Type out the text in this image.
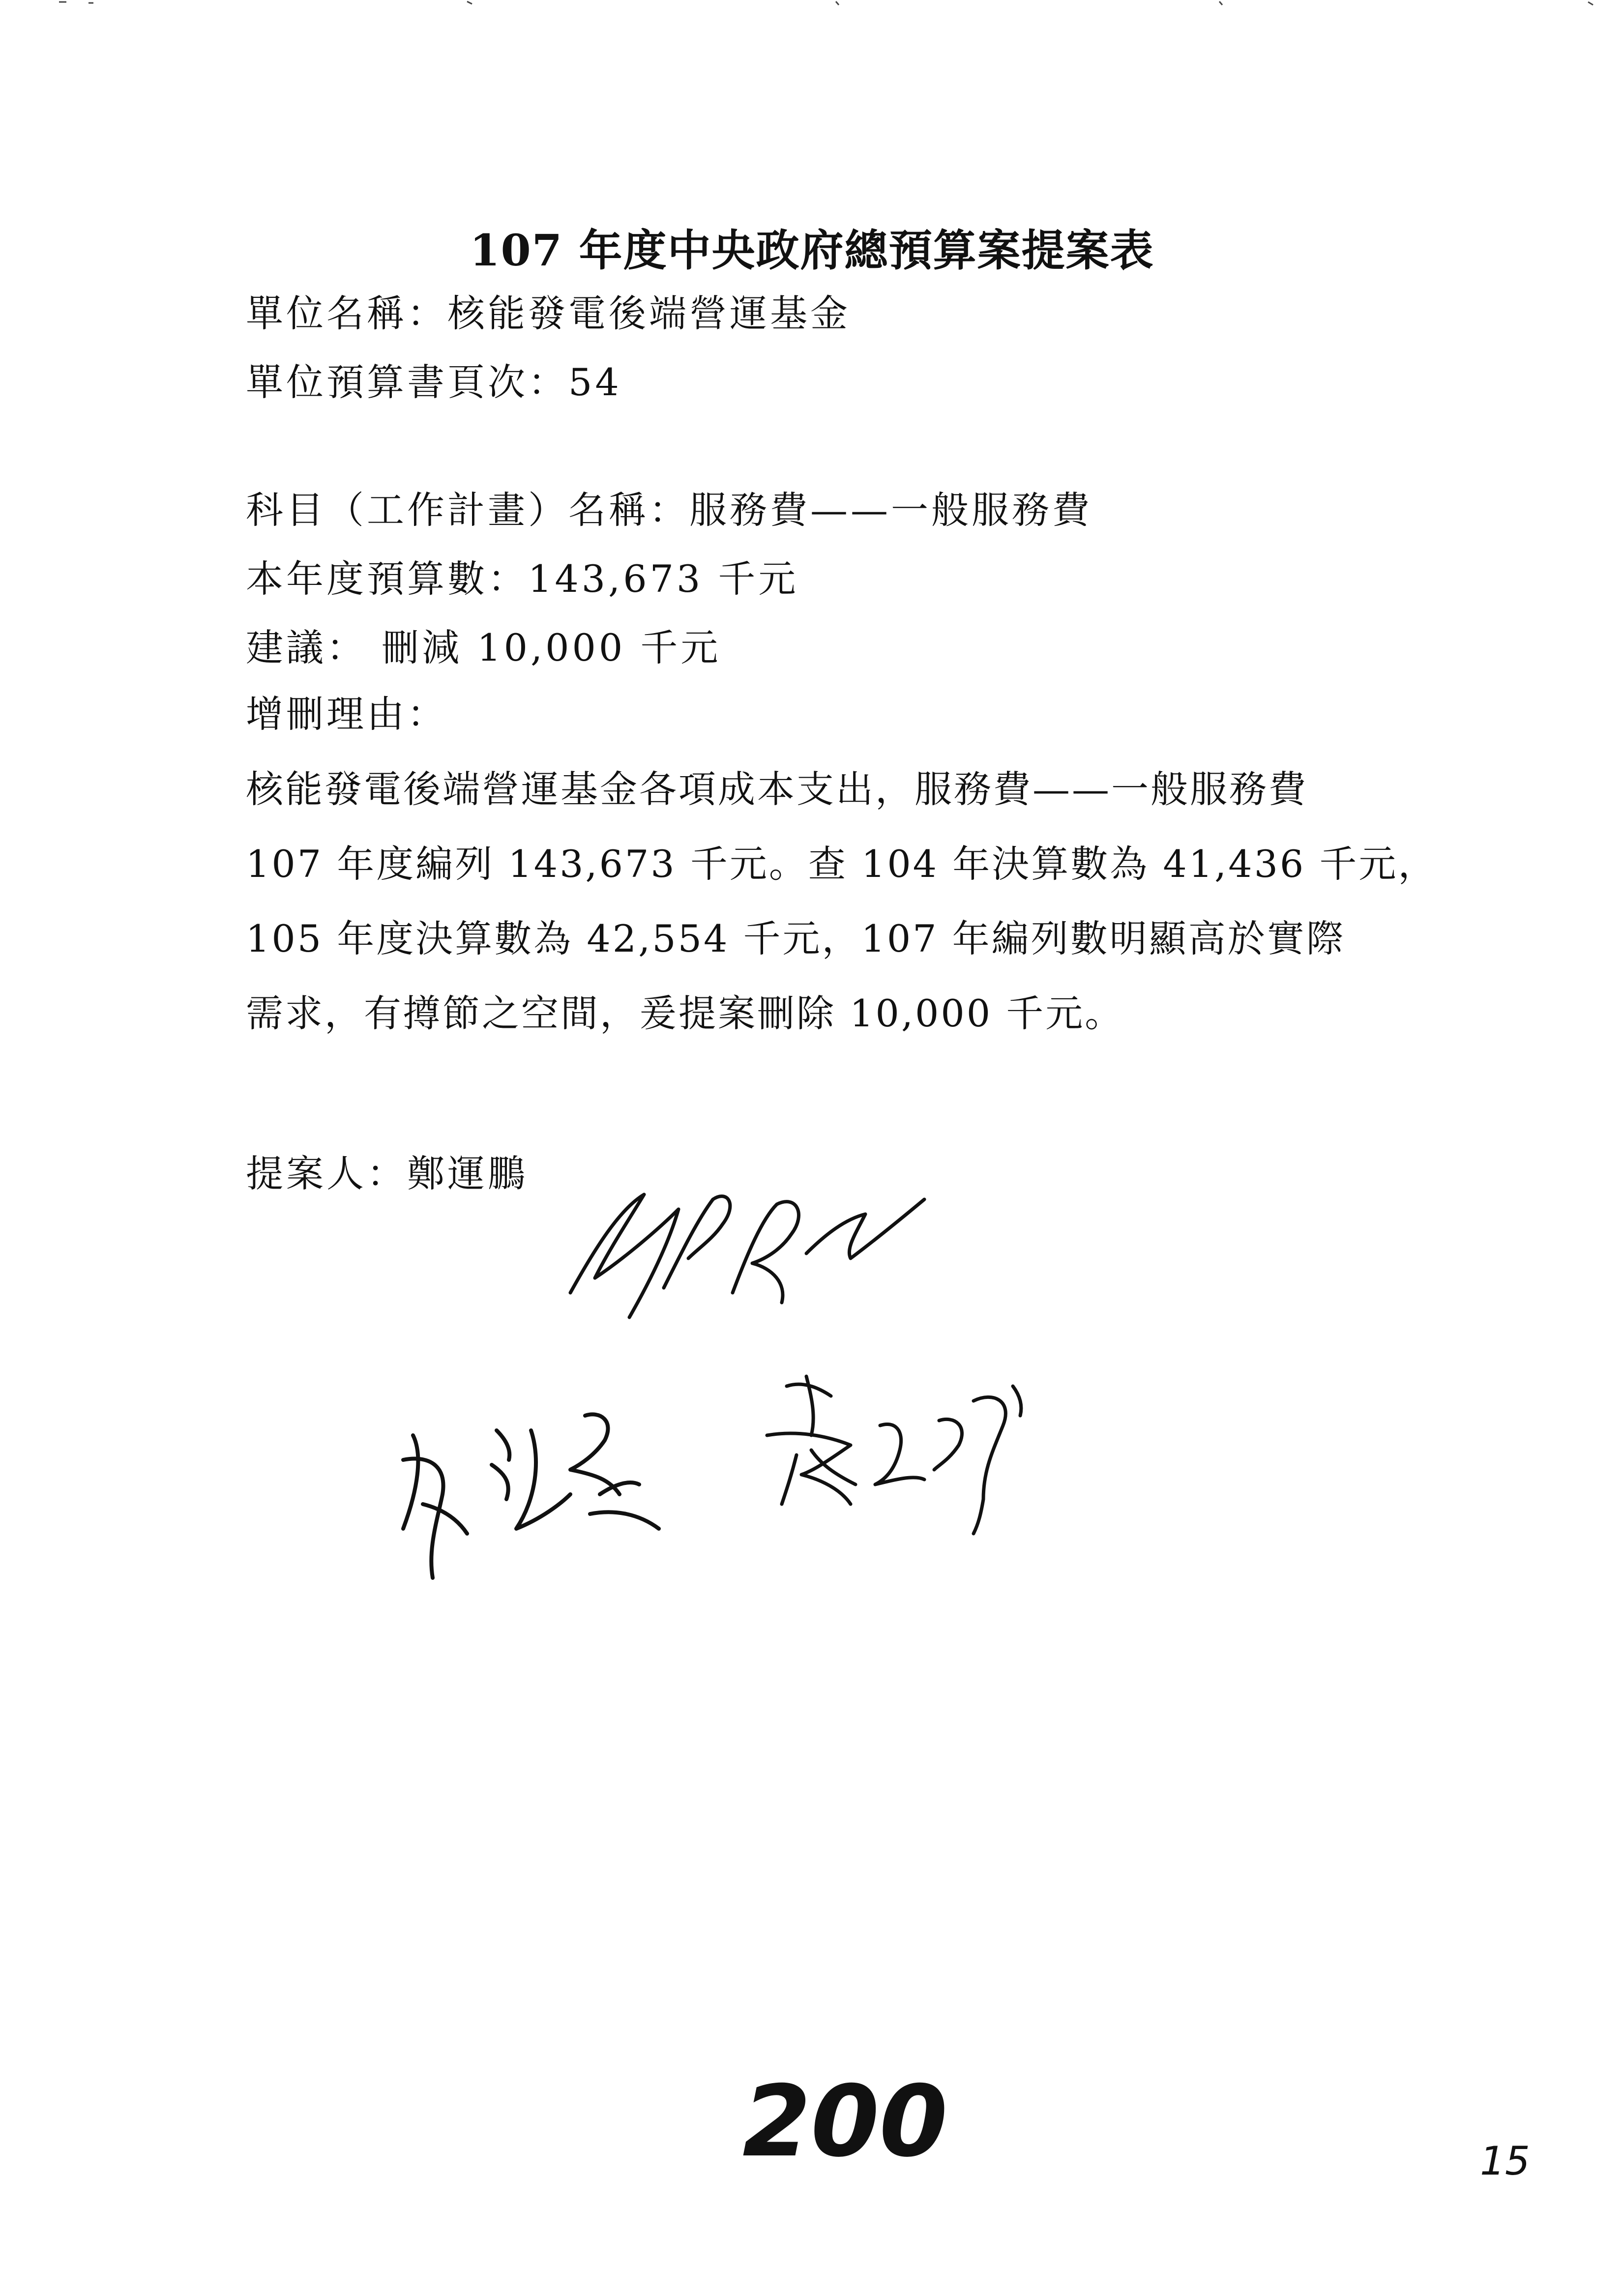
107 年度中央政府總預算案提案表
單位名稱：核能發電後端營運基金
單位預算書頁次：54
科目（工作計畫）名稱：服務費——一般服務費
本年度預算數：143,673 千元
建議： 刪減 10,000 千元
增刪理由：
核能發電後端營運基金各項成本支出，服務費——一般服務費
107 年度編列 143,673 千元。查 104 年決算數為 41,436 千元，
105 年度決算數為 42,554 千元，107 年編列數明顯高於實際
需求，有撙節之空間，爰提案刪除 10,000 千元。
提案人：鄭運鵬
200	15
